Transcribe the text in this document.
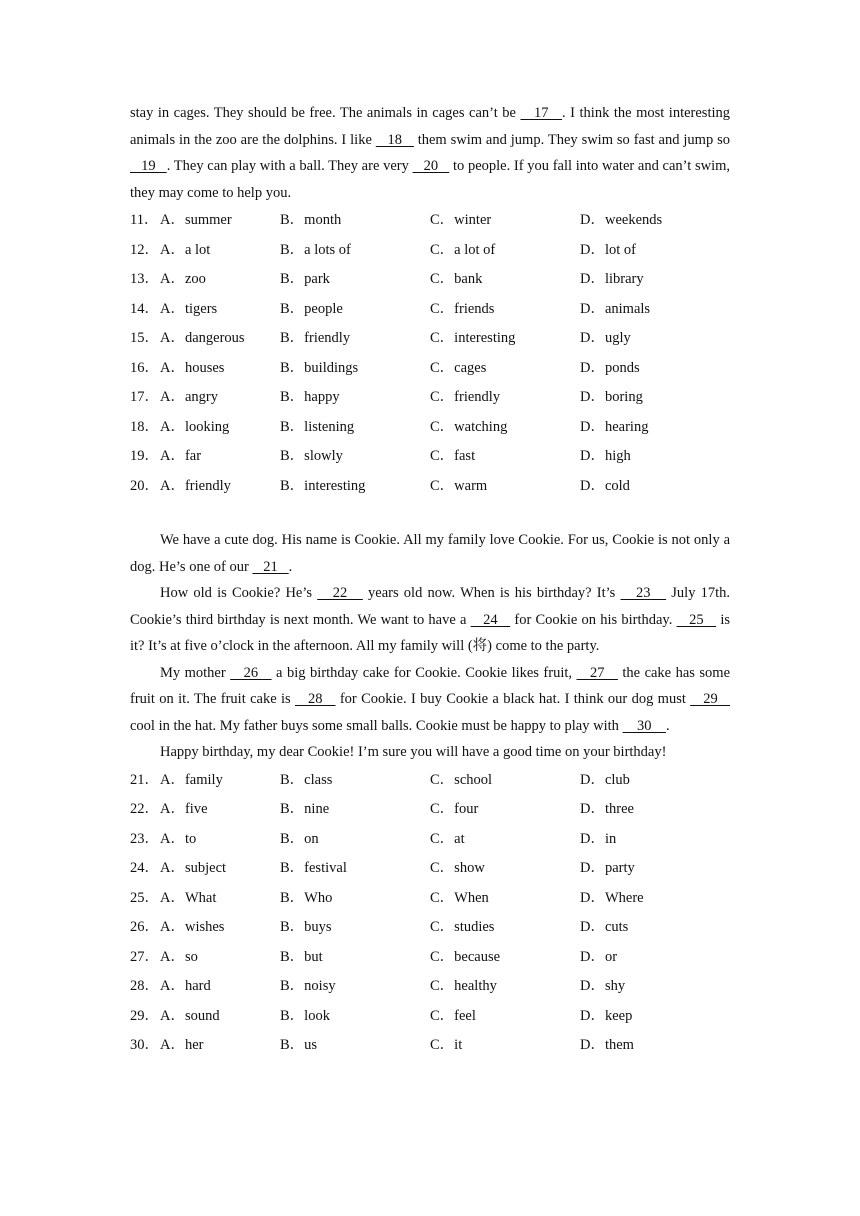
stay in cages. They should be free. The animals in cages can’t be    17   . I think the most interesting animals in the zoo are the dolphins. I like    18    them swim and jump. They swim so fast and jump so    19   . They can play with a ball. They are very    20    to people. If you fall into water and can’t swim, they may come to help you.

11． A．summer	B．month	C．winter	D．weekends
12． A．a lot	B．a lots of	C．a lot of	D．lot of
13． A．zoo	B．park	C．bank	D．library
14． A．tigers	B．people	C．friends	D．animals
15． A．dangerous B．friendly	C．interesting	D．ugly
16． A．houses	B．buildings	C．cages	D．ponds
17． A．angry	B．happy	C．friendly	D．boring
18． A．looking	B．listening	C．watching	D．hearing
19． A．far	B．slowly	C．fast	D．high
20． A．friendly	B．interesting	C．warm	D．cold

We have a cute dog. His name is Cookie. All my family love Cookie. For us, Cookie is not only a dog. He’s one of our    21   .

How old is Cookie? He’s    22    years old now. When is his birthday? It’s    23    July 17th. Cookie’s third birthday is next month. We want to have a    24    for Cookie on his birthday.    25    is it? It’s at five o’clock in the afternoon. All my family will (将) come to the party.

My mother    26    a big birthday cake for Cookie. Cookie likes fruit,    27    the cake has some fruit on it. The fruit cake is    28    for Cookie. I buy Cookie a black hat. I think our dog must    29    cool in the hat. My father buys some small balls. Cookie must be happy to play with     30    .

Happy birthday, my dear Cookie! I’m sure you will have a good time on your birthday!

21． A．family	B．class	C．school	D．club
22． A．five	B．nine	C．four	D．three
23． A．to	B．on	C．at	D．in
24． A．subject	B．festival	C．show	D．party
25． A．What	B．Who	C．When	D．Where
26． A．wishes	B．buys	C．studies	D．cuts
27． A．so	B．but	C．because	D．or
28． A．hard	B．noisy	C．healthy	D．shy
29． A．sound	B．look	C．feel	D．keep
30． A．her	B．us	C．it	D．them
